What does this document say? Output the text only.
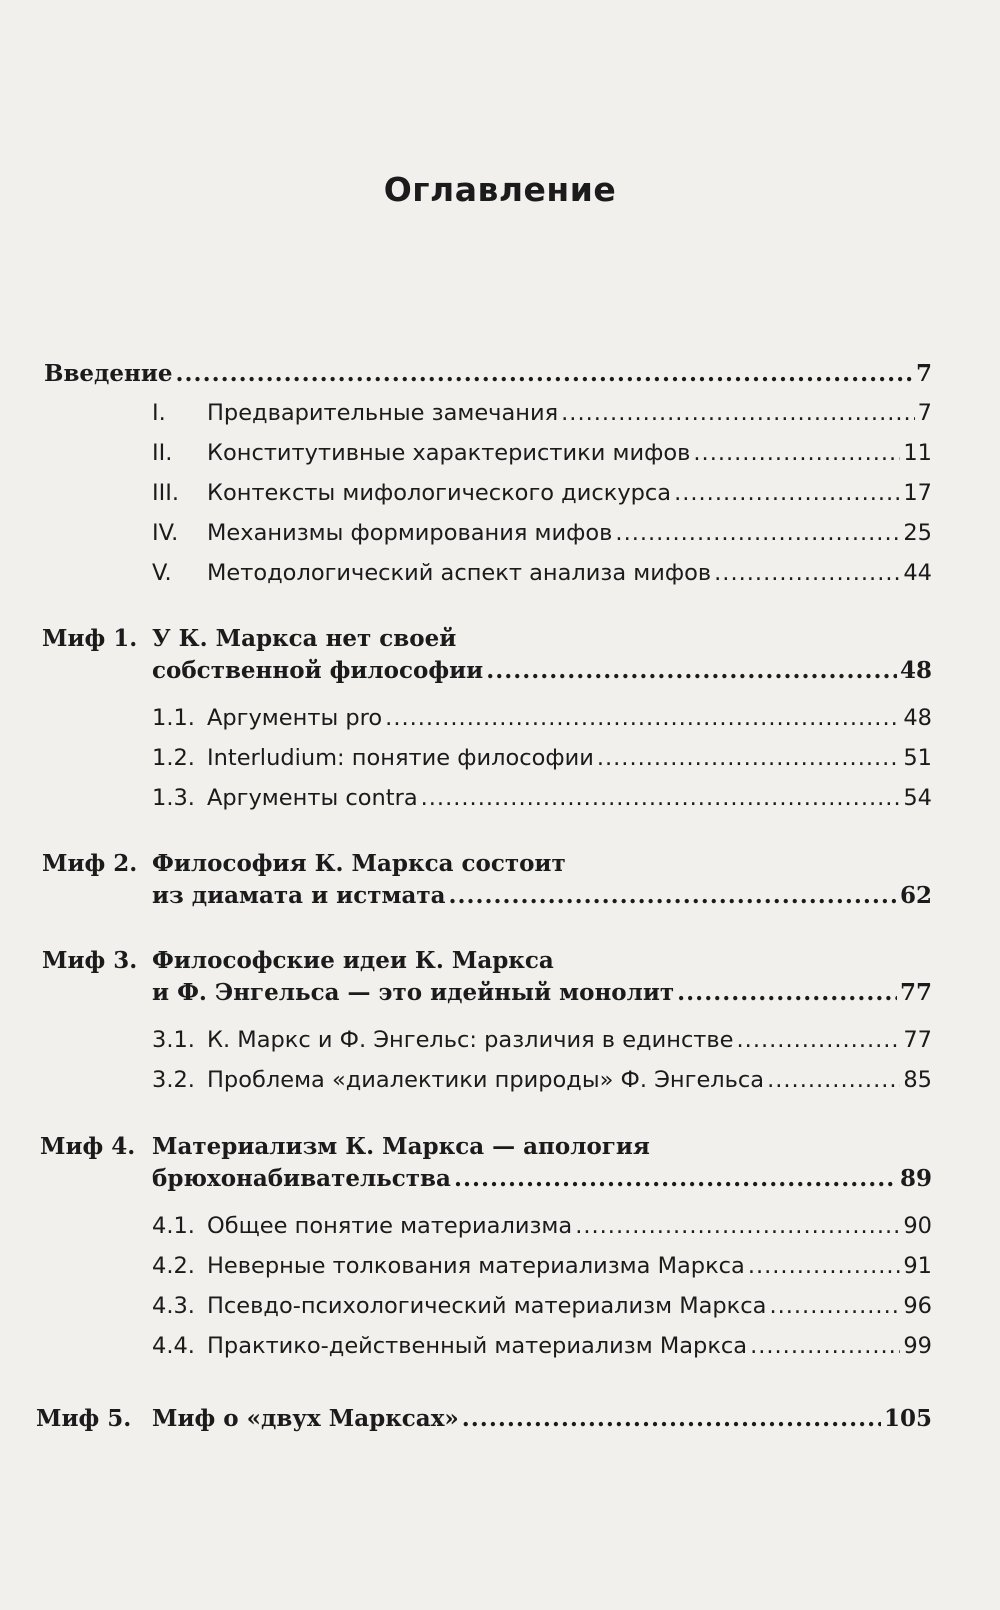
Оглавление
Введение .....	7
I.	Предварительные замечания .....	7
II.	Конститутивные характеристики мифов .....	11
III.	Контексты мифологического дискурса .....	17
IV.	Механизмы формирования мифов .....	25
V.	Методологический аспект анализа мифов .....	44
Миф 1. У К. Маркса нет своей
собственной философии .....	48
1.1. Аргументы pro .....	48
1.2. Interludium: понятие философии .....	51
1.3. Аргументы contra .....	54
Миф 2. Философия К. Маркса состоит
из диамата и истмата .....	62
Миф 3. Философские идеи К. Маркса
и Ф. Энгельса — это идейный монолит .....	77
3.1. К. Маркс и Ф. Энгельс: различия в единстве .....	77
3.2. Проблема «диалектики природы» Ф. Энгельса .....	85
Миф 4. Материализм К. Маркса — апология
брюхонабивательства .....	89
4.1. Общее понятие материализма .....	90
4.2. Неверные толкования материализма Маркса .....	91
4.3. Псевдо-психологический материализм Маркса .....	96
4.4. Практико-действенный материализм Маркса .....	99
Миф 5. Миф о «двух Марксах» .....	105
